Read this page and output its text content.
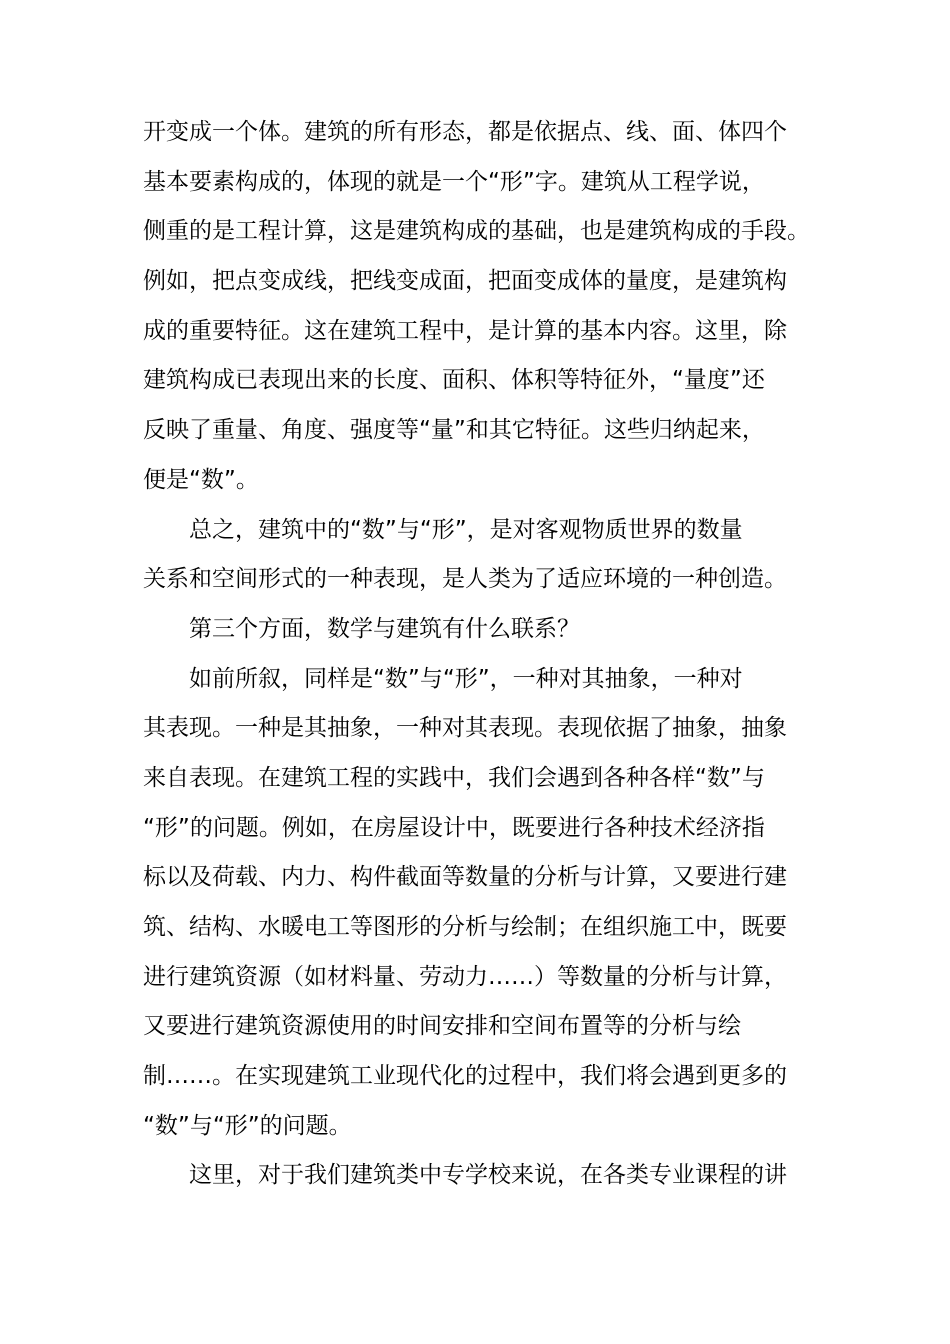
开变成一个体。建筑的所有形态，都是依据点、线、面、体四个
基本要素构成的，体现的就是一个“形”字。建筑从工程学说，
侧重的是工程计算，这是建筑构成的基础，也是建筑构成的手段。
例如，把点变成线，把线变成面，把面变成体的量度，是建筑构
成的重要特征。这在建筑工程中，是计算的基本内容。这里，除
建筑构成已表现出来的长度、面积、体积等特征外，“量度”还
反映了重量、角度、强度等“量”和其它特征。这些归纳起来，
便是“数”。
　　总之，建筑中的“数”与“形”，是对客观物质世界的数量
关系和空间形式的一种表现，是人类为了适应环境的一种创造。
　　第三个方面，数学与建筑有什么联系？
　　如前所叙，同样是“数”与“形”，一种对其抽象，一种对
其表现。一种是其抽象，一种对其表现。表现依据了抽象，抽象
来自表现。在建筑工程的实践中，我们会遇到各种各样“数”与
“形”的问题。例如，在房屋设计中，既要进行各种技术经济指
标以及荷载、内力、构件截面等数量的分析与计算，又要进行建
筑、结构、水暖电工等图形的分析与绘制；在组织施工中，既要
进行建筑资源（如材料量、劳动力……）等数量的分析与计算，
又要进行建筑资源使用的时间安排和空间布置等的分析与绘
制……。在实现建筑工业现代化的过程中，我们将会遇到更多的
“数”与“形”的问题。
　　这里，对于我们建筑类中专学校来说，在各类专业课程的讲
